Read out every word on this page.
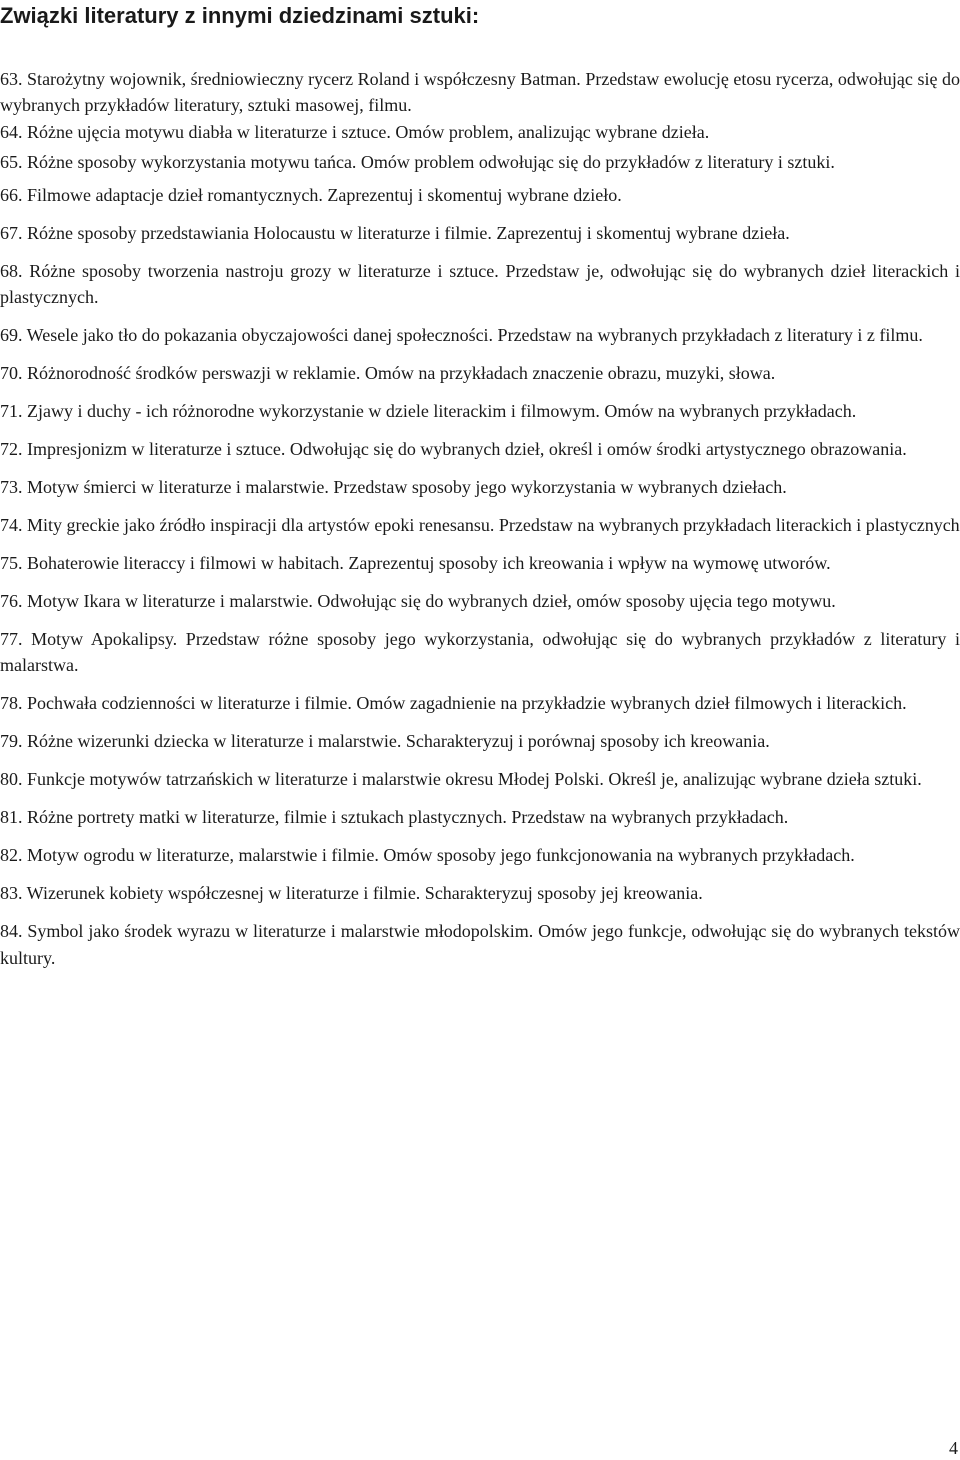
Związki literatury z innymi dziedzinami sztuki:
63. Starożytny wojownik, średniowieczny rycerz Roland i współczesny Batman. Przedstaw ewolucję etosu rycerza, odwołując się do wybranych przykładów literatury, sztuki masowej, filmu.
64. Różne ujęcia motywu diabła w literaturze i sztuce. Omów problem, analizując wybrane dzieła.
65. Różne sposoby wykorzystania motywu tańca. Omów problem odwołując się do przykładów z literatury i sztuki.
66. Filmowe adaptacje dzieł romantycznych. Zaprezentuj i skomentuj wybrane dzieło.
67. Różne sposoby przedstawiania Holocaustu w literaturze i filmie. Zaprezentuj i skomentuj wybrane dzieła.
68. Różne sposoby tworzenia nastroju grozy w literaturze i sztuce. Przedstaw je, odwołując się do wybranych dzieł literackich i plastycznych.
69. Wesele jako tło do pokazania obyczajowości danej społeczności. Przedstaw na wybranych przykładach z literatury i z filmu.
70. Różnorodność środków perswazji w reklamie. Omów na przykładach znaczenie obrazu, muzyki, słowa.
71. Zjawy i duchy - ich różnorodne wykorzystanie w dziele literackim i filmowym. Omów na wybranych przykładach.
72. Impresjonizm w literaturze i sztuce. Odwołując się do wybranych dzieł, określ i omów środki artystycznego obrazowania.
73. Motyw śmierci w literaturze i malarstwie. Przedstaw sposoby jego wykorzystania w wybranych dziełach.
74. Mity greckie jako źródło inspiracji dla artystów epoki renesansu. Przedstaw na wybranych przykładach literackich i plastycznych
75. Bohaterowie literaccy i filmowi w habitach. Zaprezentuj sposoby ich kreowania i wpływ na wymowę utworów.
76. Motyw Ikara w literaturze i malarstwie. Odwołując się do wybranych dzieł, omów sposoby ujęcia tego motywu.
77. Motyw Apokalipsy. Przedstaw różne sposoby jego wykorzystania, odwołując się do wybranych przykładów z literatury i malarstwa.
78. Pochwała codzienności w literaturze i filmie. Omów zagadnienie na przykładzie wybranych dzieł filmowych i literackich.
79. Różne wizerunki dziecka w literaturze i malarstwie. Scharakteryzuj i porównaj sposoby ich kreowania.
80. Funkcje motywów tatrzańskich w literaturze i malarstwie okresu Młodej Polski. Określ je, analizując wybrane dzieła sztuki.
81. Różne portrety matki w literaturze, filmie i sztukach plastycznych. Przedstaw na wybranych przykładach.
82. Motyw ogrodu w literaturze, malarstwie i filmie. Omów sposoby jego funkcjonowania na wybranych przykładach.
83. Wizerunek kobiety współczesnej w literaturze i filmie. Scharakteryzuj sposoby jej kreowania.
84. Symbol jako środek wyrazu w literaturze i malarstwie młodopolskim. Omów jego funkcje, odwołując się do wybranych tekstów kultury.
4
